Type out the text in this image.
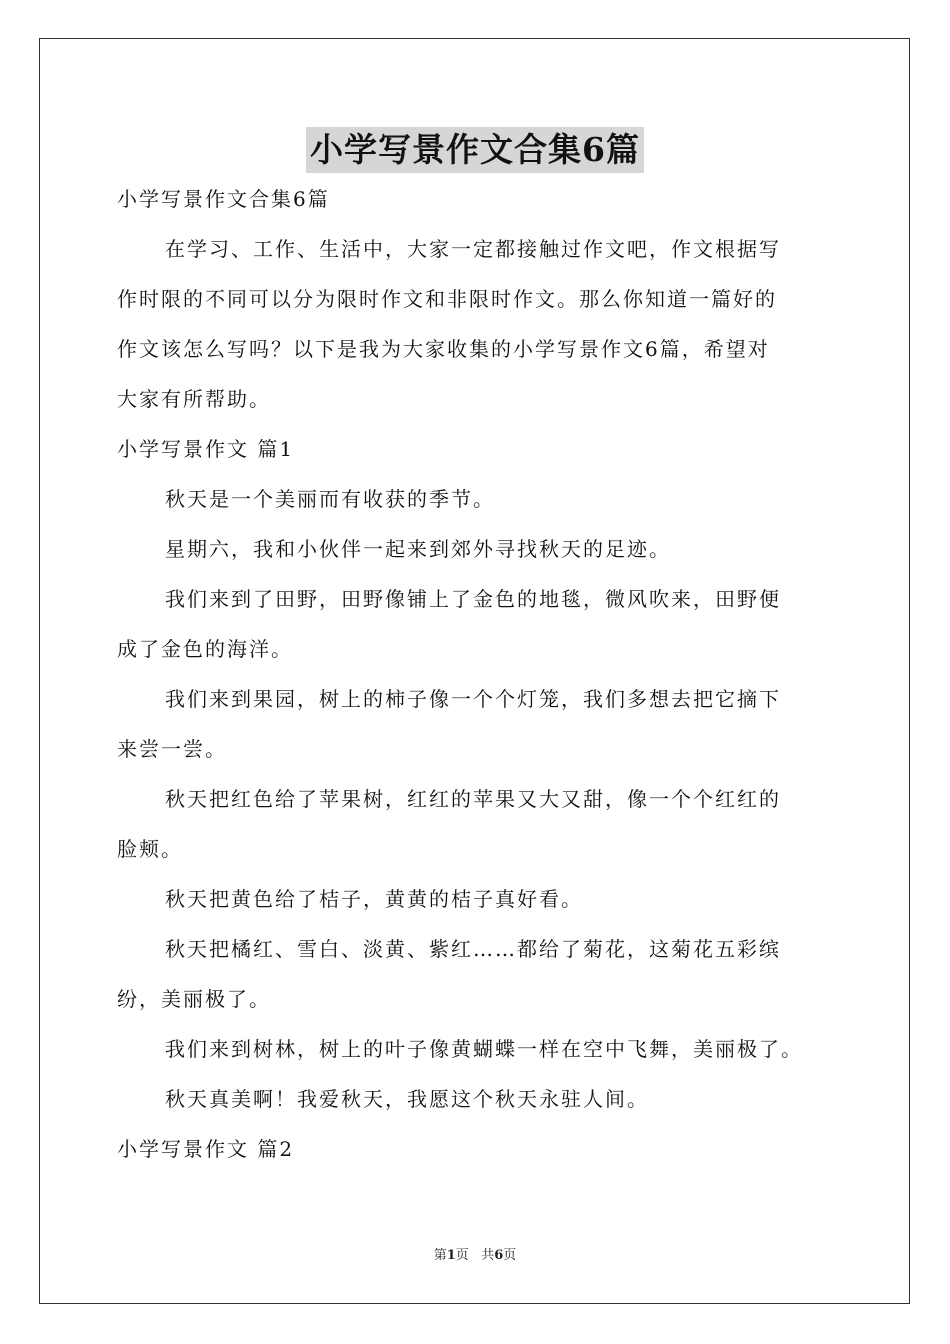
小学写景作文合集6篇
小学写景作文合集6篇
在学习、工作、生活中，大家一定都接触过作文吧，作文根据写
作时限的不同可以分为限时作文和非限时作文。那么你知道一篇好的
作文该怎么写吗？以下是我为大家收集的小学写景作文6篇，希望对
大家有所帮助。
小学写景作文 篇1
秋天是一个美丽而有收获的季节。
星期六，我和小伙伴一起来到郊外寻找秋天的足迹。
我们来到了田野，田野像铺上了金色的地毯，微风吹来，田野便
成了金色的海洋。
我们来到果园，树上的柿子像一个个灯笼，我们多想去把它摘下
来尝一尝。
秋天把红色给了苹果树，红红的苹果又大又甜，像一个个红红的
脸颊。
秋天把黄色给了桔子，黄黄的桔子真好看。
秋天把橘红、雪白、淡黄、紫红……都给了菊花，这菊花五彩缤
纷，美丽极了。
我们来到树林，树上的叶子像黄蝴蝶一样在空中飞舞，美丽极了。
秋天真美啊！我爱秋天，我愿这个秋天永驻人间。
小学写景作文 篇2
第1页 共6页
